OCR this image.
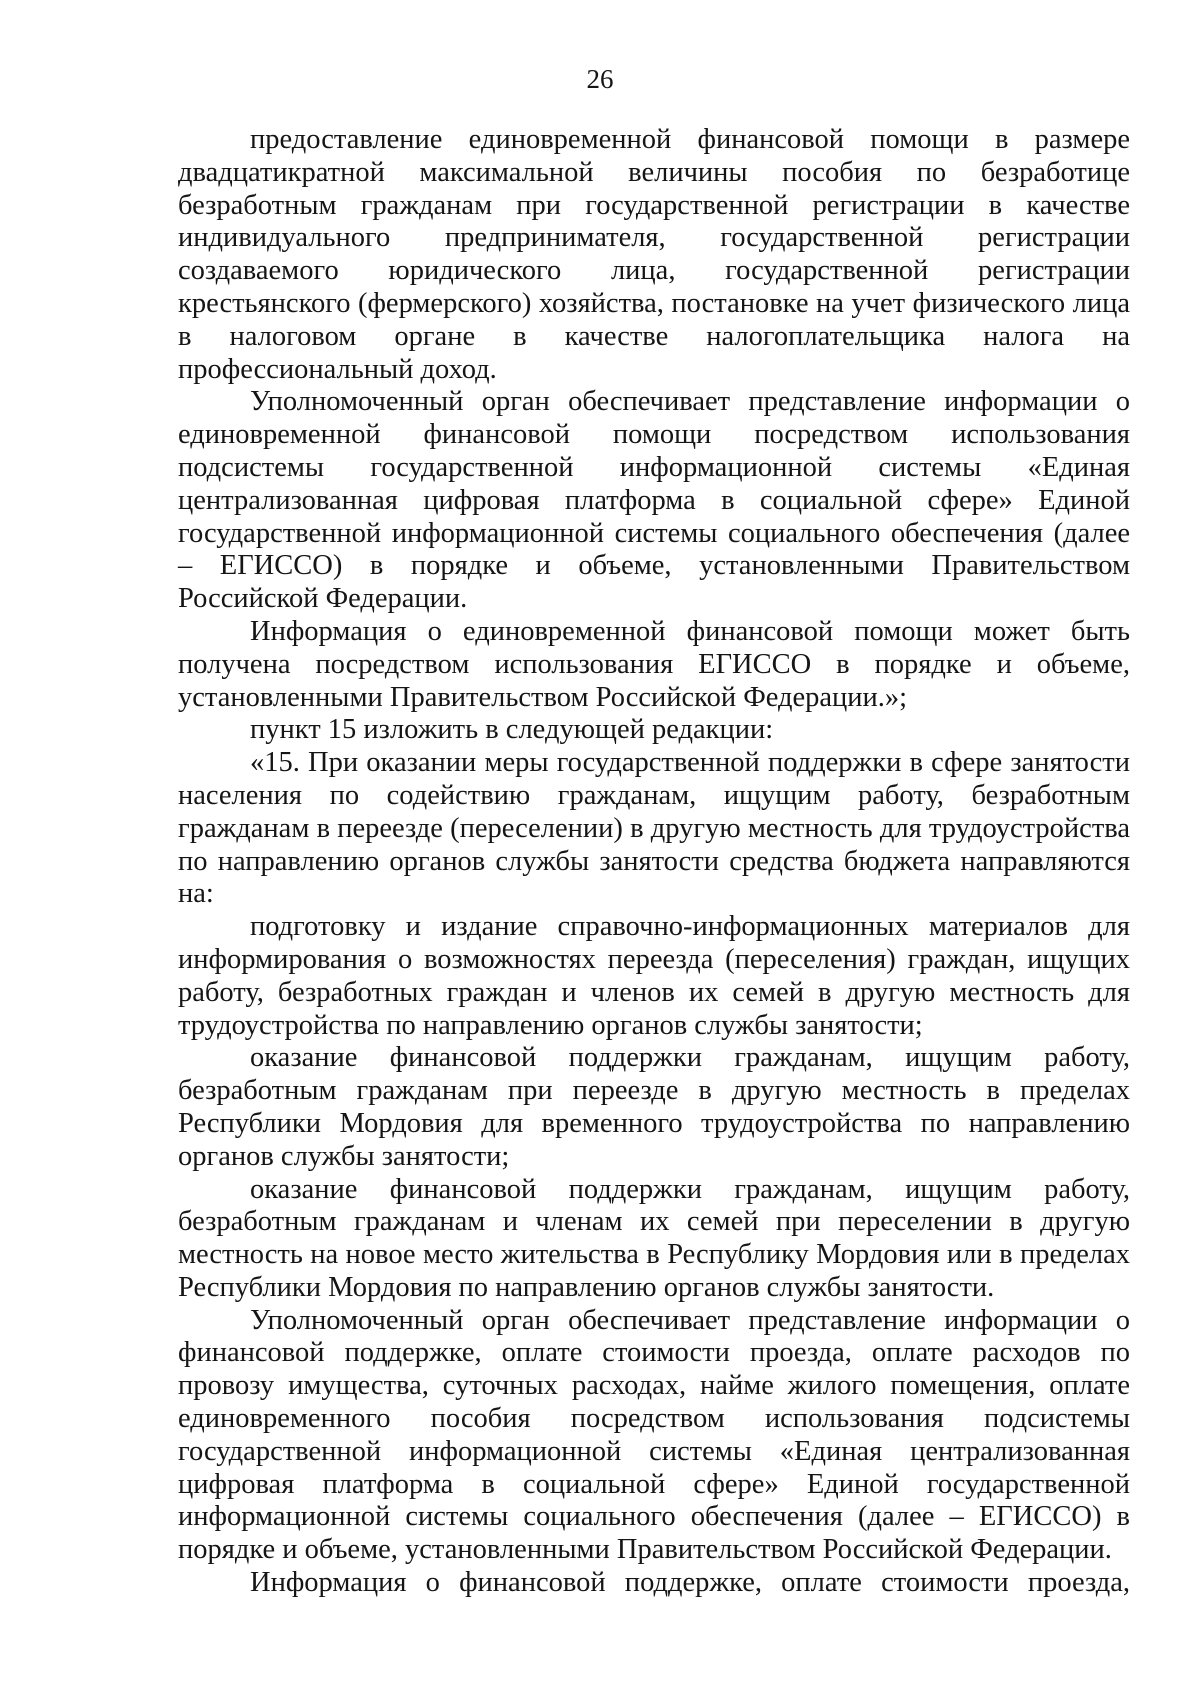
26

предоставление единовременной финансовой помощи в размере двадцатикратной максимальной величины пособия по безработице безработным гражданам при государственной регистрации в качестве индивидуального предпринимателя, государственной регистрации создаваемого юридического лица, государственной регистрации крестьянского (фермерского) хозяйства, постановке на учет физического лица в налоговом органе в качестве налогоплательщика налога на профессиональный доход.

Уполномоченный орган обеспечивает представление информации о единовременной финансовой помощи посредством использования подсистемы государственной информационной системы «Единая централизованная цифровая платформа в социальной сфере» Единой государственной информационной системы социального обеспечения (далее – ЕГИССО) в порядке и объеме, установленными Правительством Российской Федерации.

Информация о единовременной финансовой помощи может быть получена посредством использования ЕГИССО в порядке и объеме, установленными Правительством Российской Федерации.»;

пункт 15 изложить в следующей редакции:

«15. При оказании меры государственной поддержки в сфере занятости населения по содействию гражданам, ищущим работу, безработным гражданам в переезде (переселении) в другую местность для трудоустройства по направлению органов службы занятости средства бюджета направляются на:

подготовку и издание справочно-информационных материалов для информирования о возможностях переезда (переселения) граждан, ищущих работу, безработных граждан и членов их семей в другую местность для трудоустройства по направлению органов службы занятости;

оказание финансовой поддержки гражданам, ищущим работу, безработным гражданам при переезде в другую местность в пределах Республики Мордовия для временного трудоустройства по направлению органов службы занятости;

оказание финансовой поддержки гражданам, ищущим работу, безработным гражданам и членам их семей при переселении в другую местность на новое место жительства в Республику Мордовия или в пределах Республики Мордовия по направлению органов службы занятости.

Уполномоченный орган обеспечивает представление информации о финансовой поддержке, оплате стоимости проезда, оплате расходов по провозу имущества, суточных расходах, найме жилого помещения, оплате единовременного пособия посредством использования подсистемы государственной информационной системы «Единая централизованная цифровая платформа в социальной сфере» Единой государственной информационной системы социального обеспечения (далее – ЕГИССО) в порядке и объеме, установленными Правительством Российской Федерации.

Информация о финансовой поддержке, оплате стоимости проезда,
